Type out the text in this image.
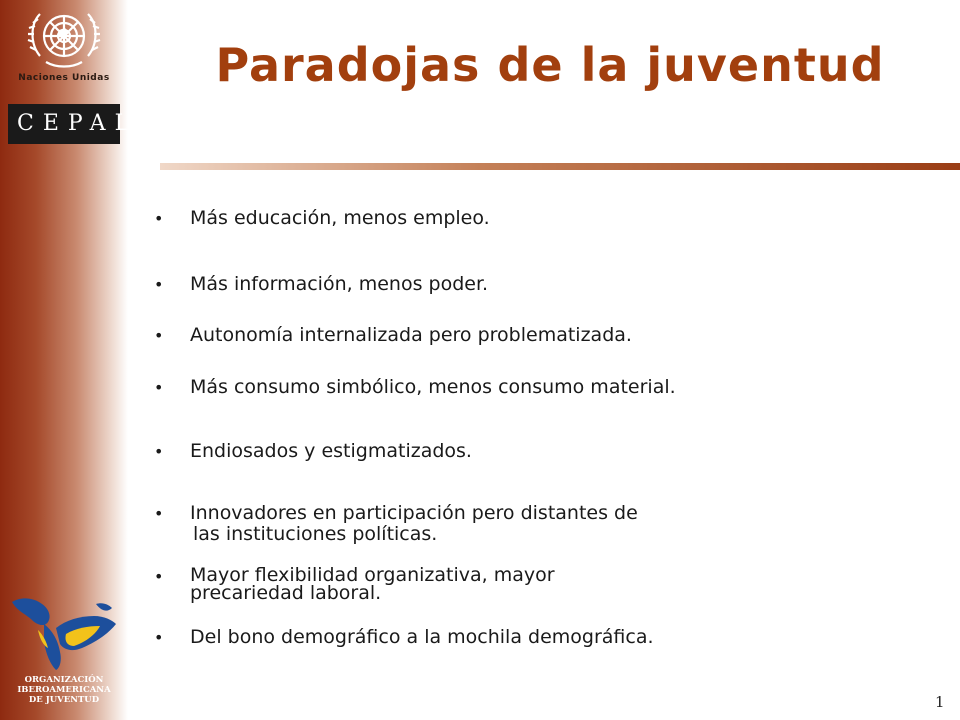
Naciones Unidas
CEPAL
ORGANIZACIÓN
IBEROAMERICANA
DE JUVENTUD
Paradojas de la juventud
• Más educación, menos empleo.
• Más información, menos poder.
• Autonomía internalizada pero problematizada.
• Más consumo simbólico, menos consumo material.
• Endiosados y estigmatizados.
• Innovadores en participación pero distantes de
las instituciones políticas.
• Mayor flexibilidad organizativa, mayor
precariedad laboral.
• Del bono demográfico a la mochila demográfica.
1
